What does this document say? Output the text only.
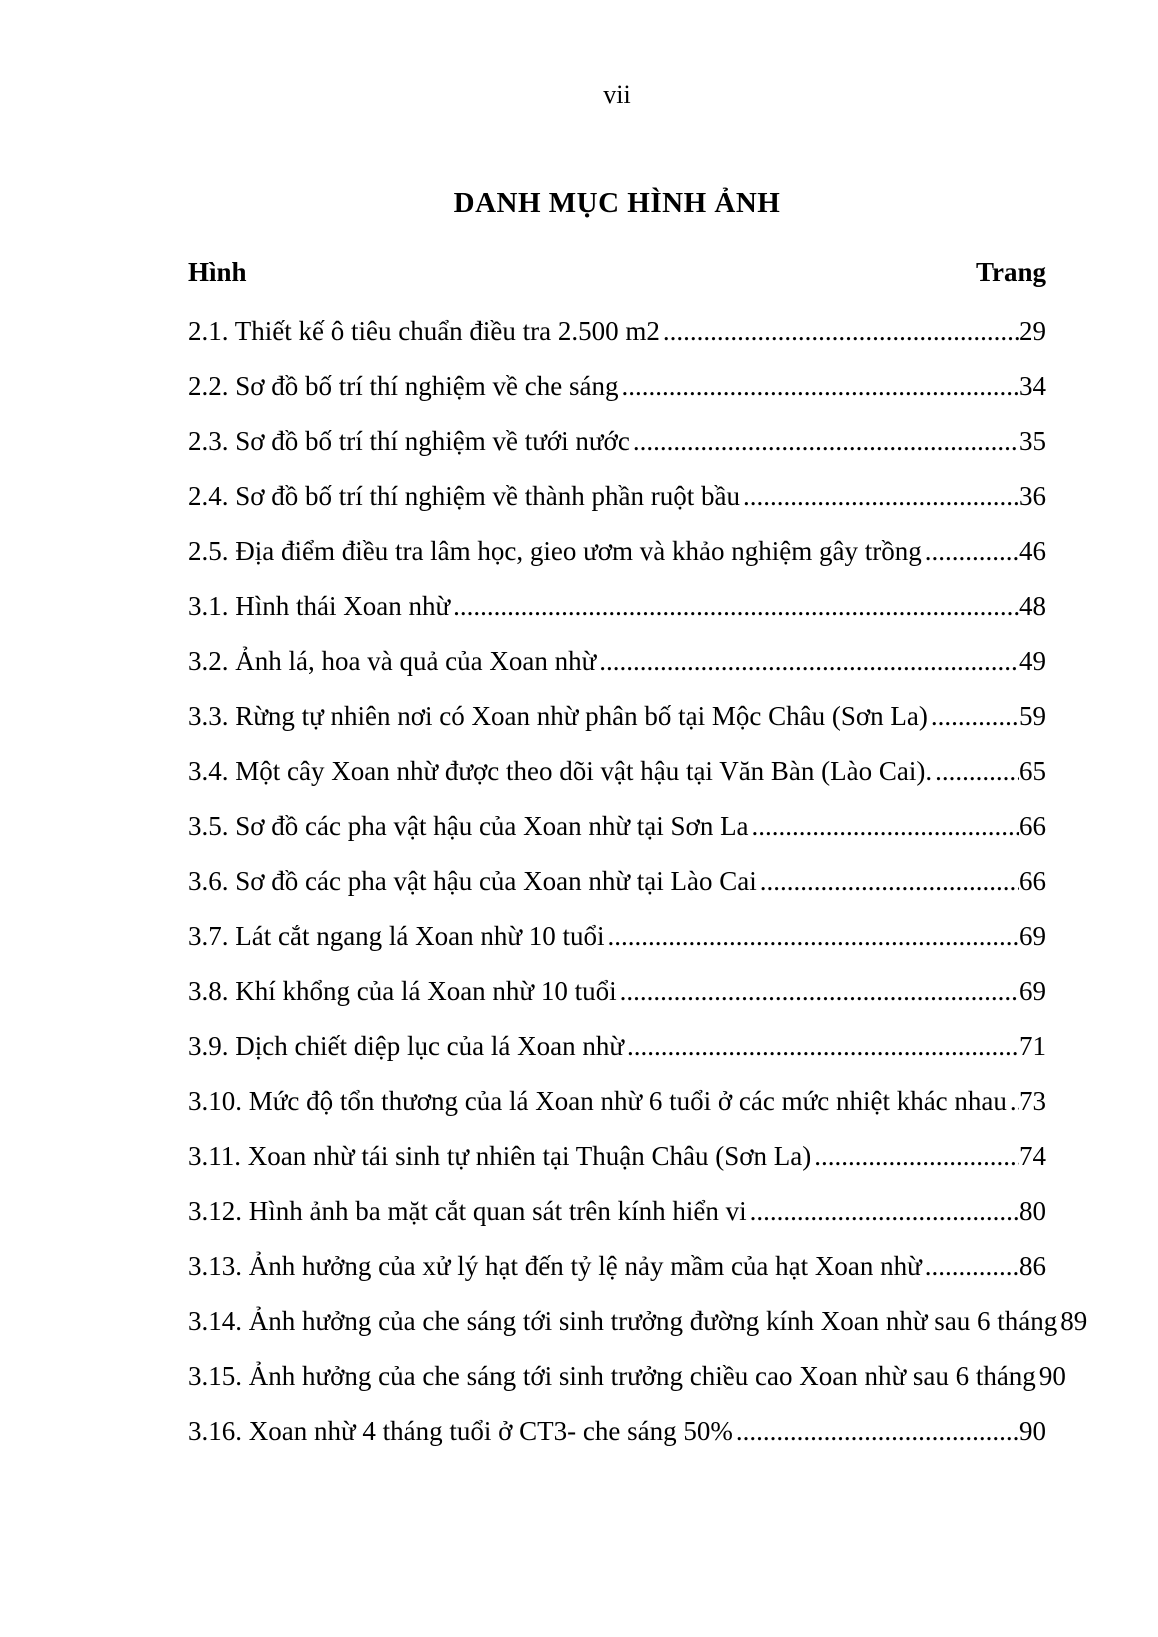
vii
DANH MỤC HÌNH ẢNH
Hình	Trang
2.1. Thiết kế ô tiêu chuẩn điều tra 2.500 m2 .....	29
2.2. Sơ đồ bố trí thí nghiệm về che sáng .....	34
2.3. Sơ đồ bố trí thí nghiệm về tưới nước .....	35
2.4. Sơ đồ bố trí thí nghiệm về thành phần ruột bầu .....	36
2.5. Địa điểm điều tra lâm học, gieo ươm và khảo nghiệm gây trồng .....	46
3.1. Hình thái Xoan nhừ .....	48
3.2. Ảnh lá, hoa và quả của Xoan nhừ .....	49
3.3. Rừng tự nhiên nơi có Xoan nhừ phân bố tại Mộc Châu (Sơn La) .....	59
3.4. Một cây Xoan nhừ được theo dõi vật hậu tại Văn Bàn (Lào Cai). .....	65
3.5. Sơ đồ các pha vật hậu của Xoan nhừ tại Sơn La .....	66
3.6. Sơ đồ các pha vật hậu của Xoan nhừ tại Lào Cai .....	66
3.7. Lát cắt ngang lá Xoan nhừ 10 tuổi .....	69
3.8. Khí khổng của lá Xoan nhừ 10 tuổi .....	69
3.9. Dịch chiết diệp lục của lá Xoan nhừ .....	71
3.10. Mức độ tổn thương của lá Xoan nhừ 6 tuổi ở các mức nhiệt khác nhau ..... 73
3.11. Xoan nhừ tái sinh tự nhiên tại Thuận Châu (Sơn La) .....	74
3.12. Hình ảnh ba mặt cắt quan sát trên kính hiển vi .....	80
3.13. Ảnh hưởng của xử lý hạt đến tỷ lệ nảy mầm của hạt Xoan nhừ .....	86
3.14. Ảnh hưởng của che sáng tới sinh trưởng đường kính Xoan nhừ sau 6 tháng ..... 89
3.15. Ảnh hưởng của che sáng tới sinh trưởng chiều cao Xoan nhừ sau 6 tháng ..... 90
3.16. Xoan nhừ 4 tháng tuổi ở CT3- che sáng 50% .....	90
